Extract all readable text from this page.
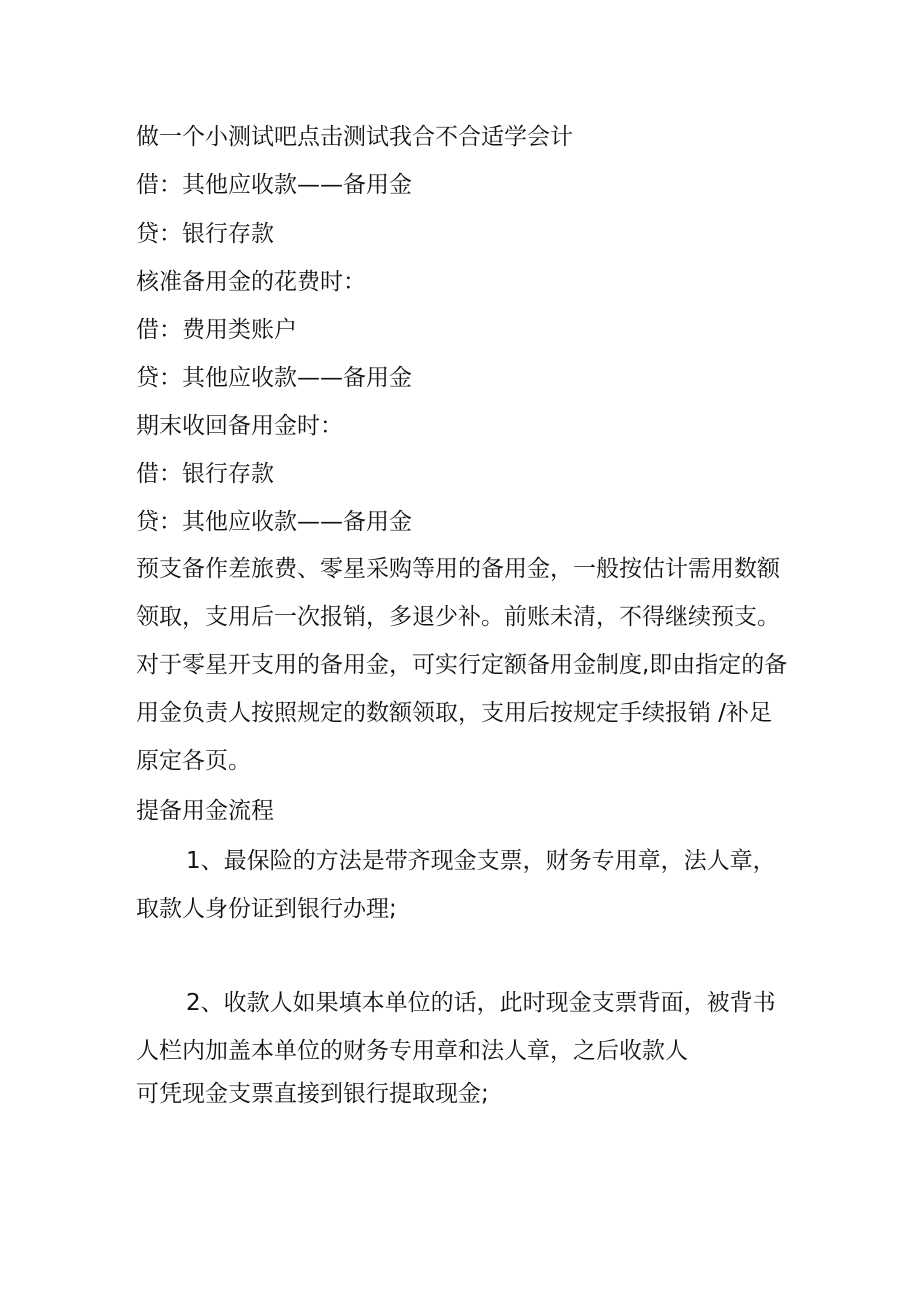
做一个小测试吧点击测试我合不合适学会计

借：其他应收款——备用金

贷：银行存款

核准备用金的花费时：

借：费用类账户

贷：其他应收款——备用金

期末收回备用金时：

借：银行存款

贷：其他应收款——备用金

预支备作差旅费、零星采购等用的备用金，一般按估计需用数额
领取，支用后一次报销，多退少补。前账未清，不得继续预支。
对于零星开支用的备用金，可实行定额备用金制度,即由指定的备
用金负责人按照规定的数额领取，支用后按规定手续报销 /补足
原定各页。

提备用金流程

1、最保险的方法是带齐现金支票，财务专用章，法人章，

取款人身份证到银行办理;

2、收款人如果填本单位的话，此时现金支票背面，被背书

人栏内加盖本单位的财务专用章和法人章，之后收款人

可凭现金支票直接到银行提取现金;
